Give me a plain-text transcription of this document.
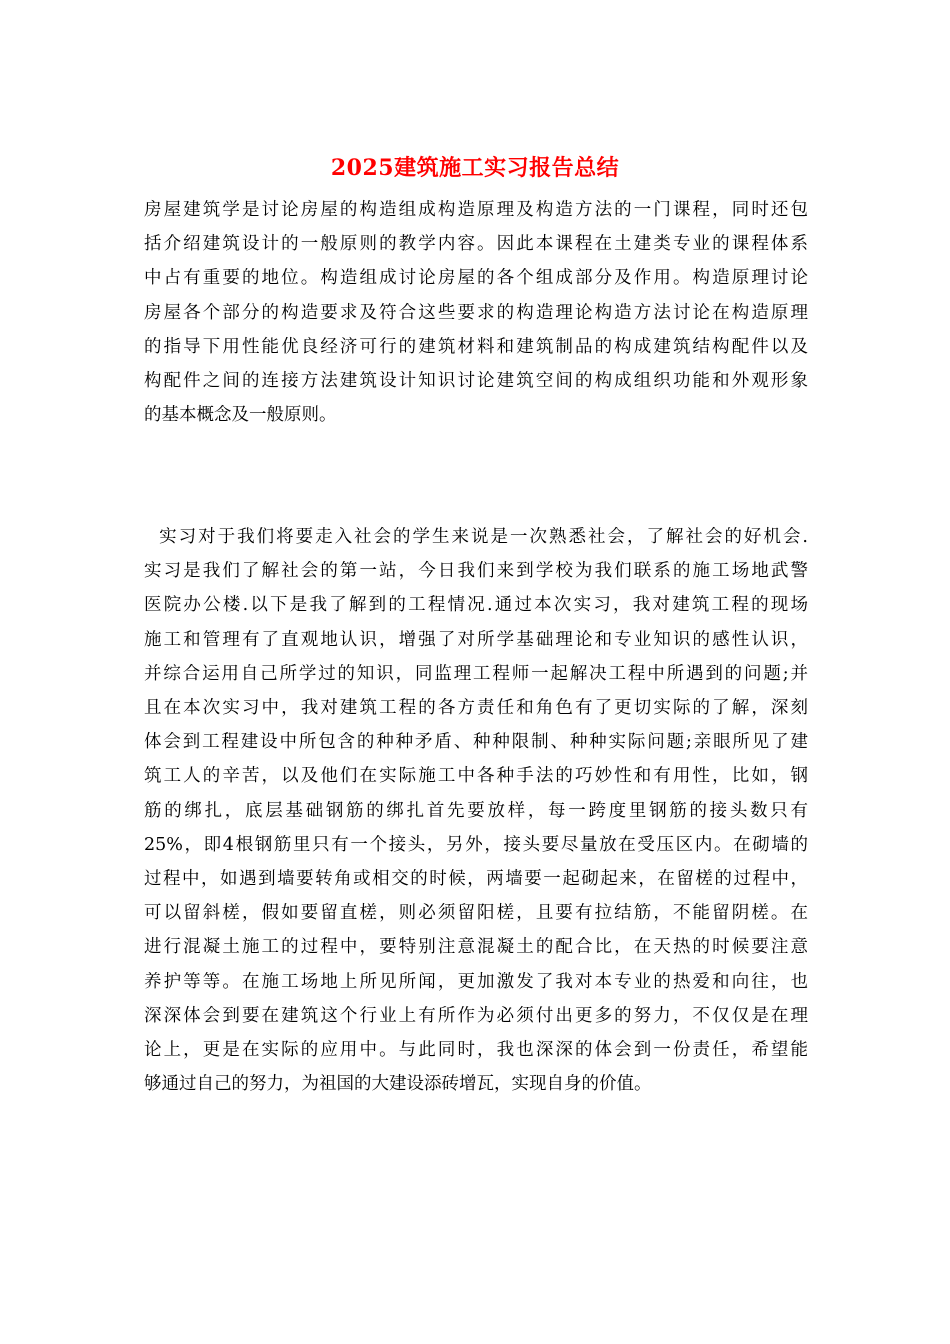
2025建筑施工实习报告总结
房屋建筑学是讨论房屋的构造组成构造原理及构造方法的一门课程，同时还包
括介绍建筑设计的一般原则的教学内容。因此本课程在土建类专业的课程体系
中占有重要的地位。构造组成讨论房屋的各个组成部分及作用。构造原理讨论
房屋各个部分的构造要求及符合这些要求的构造理论构造方法讨论在构造原理
的指导下用性能优良经济可行的建筑材料和建筑制品的构成建筑结构配件以及
构配件之间的连接方法建筑设计知识讨论建筑空间的构成组织功能和外观形象
的基本概念及一般原则。
实习对于我们将要走入社会的学生来说是一次熟悉社会，了解社会的好机会.
实习是我们了解社会的第一站，今日我们来到学校为我们联系的施工场地武警
医院办公楼.以下是我了解到的工程情况.通过本次实习，我对建筑工程的现场
施工和管理有了直观地认识，增强了对所学基础理论和专业知识的感性认识，
并综合运用自己所学过的知识，同监理工程师一起解决工程中所遇到的问题;并
且在本次实习中，我对建筑工程的各方责任和角色有了更切实际的了解，深刻
体会到工程建设中所包含的种种矛盾、种种限制、种种实际问题;亲眼所见了建
筑工人的辛苦，以及他们在实际施工中各种手法的巧妙性和有用性，比如，钢
筋的绑扎，底层基础钢筋的绑扎首先要放样，每一跨度里钢筋的接头数只有
25%，即4根钢筋里只有一个接头，另外，接头要尽量放在受压区内。在砌墙的
过程中，如遇到墙要转角或相交的时候，两墙要一起砌起来，在留槎的过程中，
可以留斜槎，假如要留直槎，则必须留阳槎，且要有拉结筋，不能留阴槎。在
进行混凝土施工的过程中，要特别注意混凝土的配合比，在天热的时候要注意
养护等等。在施工场地上所见所闻，更加激发了我对本专业的热爱和向往，也
深深体会到要在建筑这个行业上有所作为必须付出更多的努力，不仅仅是在理
论上，更是在实际的应用中。与此同时，我也深深的体会到一份责任，希望能
够通过自己的努力，为祖国的大建设添砖增瓦，实现自身的价值。
